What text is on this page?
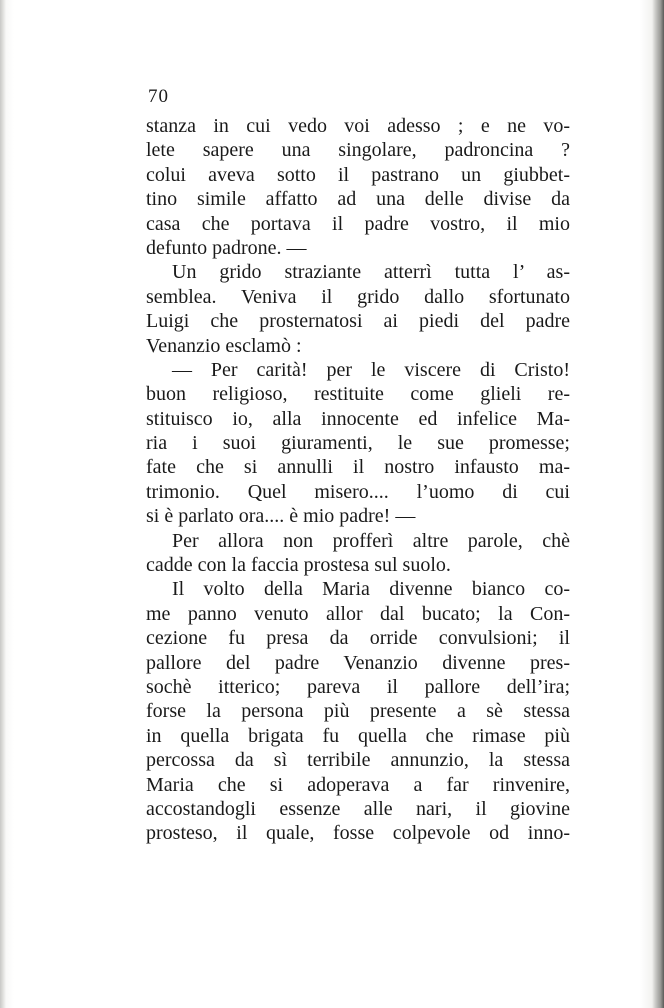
70
stanza in cui vedo voi adesso ; e ne vo-
lete sapere una singolare, padroncina ?
colui aveva sotto il pastrano un giubbet-
tino simile affatto ad una delle divise da
casa che portava il padre vostro, il mio
defunto padrone. —
Un grido straziante atterrì tutta l’ as-
semblea. Veniva il grido dallo sfortunato
Luigi che prosternatosi ai piedi del padre
Venanzio esclamò :
— Per carità! per le viscere di Cristo!
buon religioso, restituite come glieli re-
stituisco io, alla innocente ed infelice Ma-
ria i suoi giuramenti, le sue promesse;
fate che si annulli il nostro infausto ma-
trimonio. Quel misero.... l’uomo di cui
si è parlato ora.... è mio padre! —
Per allora non profferì altre parole, chè
cadde con la faccia prostesa sul suolo.
Il volto della Maria divenne bianco co-
me panno venuto allor dal bucato; la Con-
cezione fu presa da orride convulsioni; il
pallore del padre Venanzio divenne pres-
sochè itterico; pareva il pallore dell’ira;
forse la persona più presente a sè stessa
in quella brigata fu quella che rimase più
percossa da sì terribile annunzio, la stessa
Maria che si adoperava a far rinvenire,
accostandogli essenze alle nari, il giovine
prosteso, il quale, fosse colpevole od inno-
